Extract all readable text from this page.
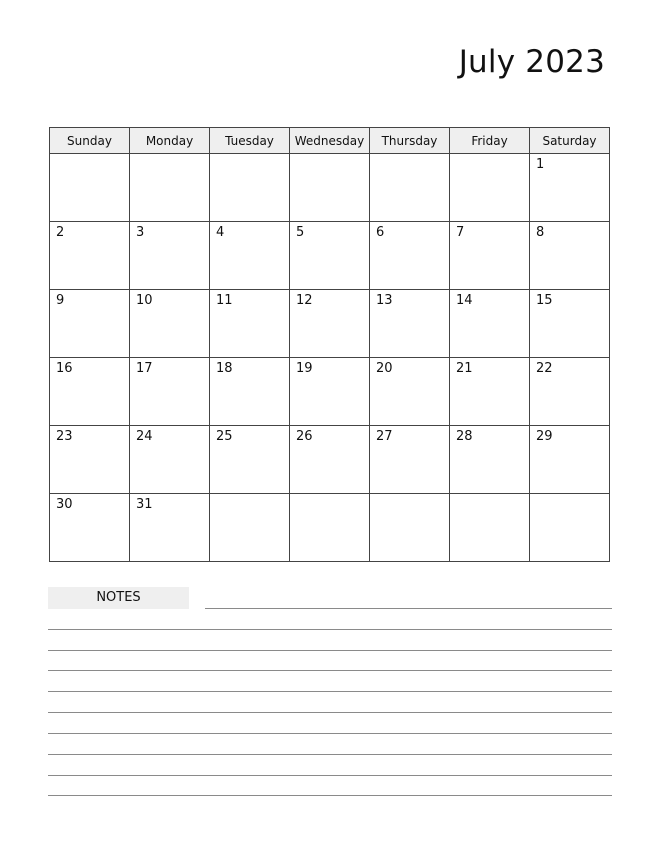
July 2023
Sunday	Monday	Tuesday	Wednesday	Thursday	Friday	Saturday

						1

2	3	4	5	6	7	8

9	10	11	12	13	14	15

16	17	18	19	20	21	22

23	24	25	26	27	28	29

30	31					

NOTES
